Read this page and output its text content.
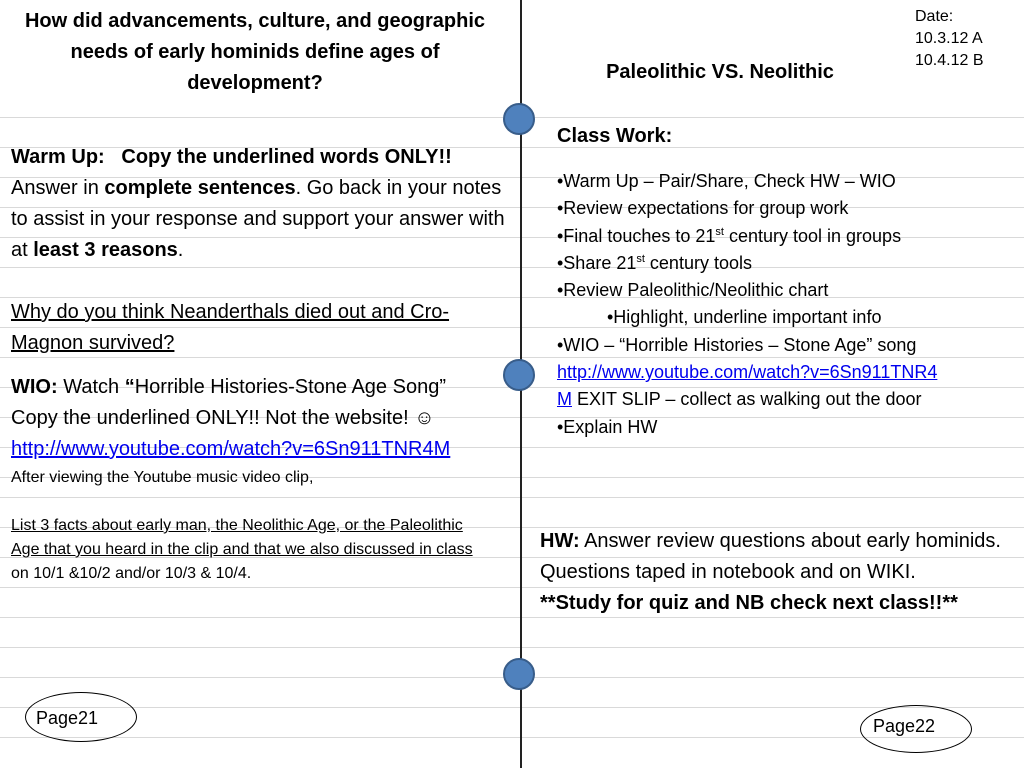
How did advancements, culture, and geographic needs of early hominids define ages of development?
Date:
10.3.12 A
10.4.12 B
Paleolithic VS. Neolithic
Warm Up: Copy the underlined words ONLY!!
Answer in complete sentences. Go back in your notes to assist in your response and support your answer with at least 3 reasons.
Why do you think Neanderthals died out and Cro-Magnon survived?
WIO: Watch “Horrible Histories-Stone Age Song” Copy the underlined ONLY!! Not the website! ☺
http://www.youtube.com/watch?v=6Sn911TNR4M
After viewing the Youtube music video clip,
List 3 facts about early man, the Neolithic Age, or the Paleolithic Age that you heard in the clip and that we also discussed in class on 10/1 &10/2 and/or 10/3 & 10/4.
Class Work:
•Warm Up – Pair/Share, Check HW – WIO
•Review expectations for group work
•Final touches to 21st century tool in groups
•Share 21st century tools
•Review Paleolithic/Neolithic chart
•Highlight, underline important info
•WIO – “Horrible Histories – Stone Age” song
http://www.youtube.com/watch?v=6Sn911TNR4
M EXIT SLIP – collect as walking out the door
•Explain HW
HW: Answer review questions about early hominids. Questions taped in notebook and on WIKI.
**Study for quiz and NB check next class!!**
Page21	Page22
